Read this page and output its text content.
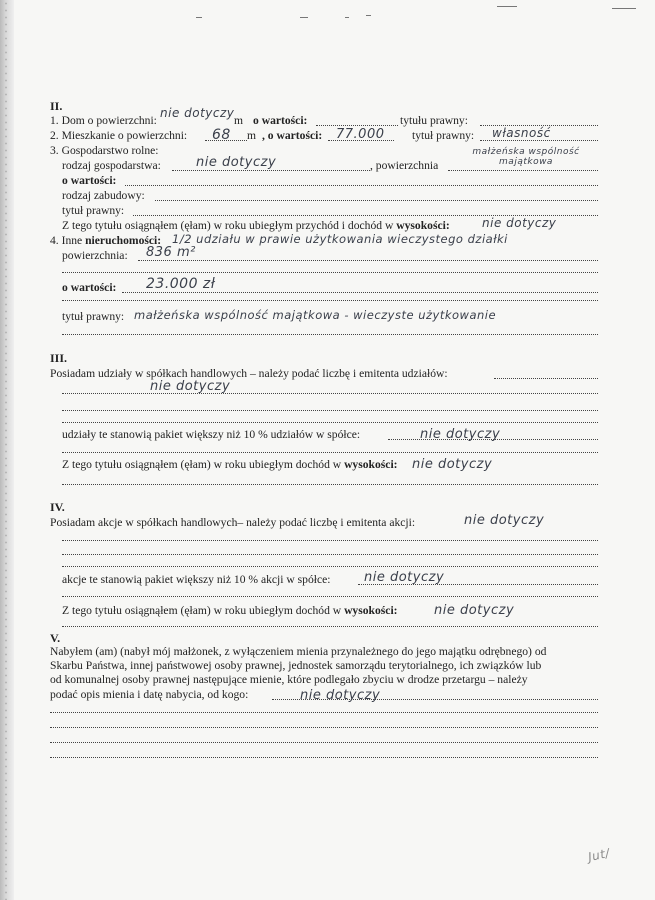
II.
1. Dom o powierzchni:
nie dotyczy
m o wartości:	tytułu prawny:
2. Mieszkanie o powierzchni: 68 m , o wartości: 77.000 tytuł prawny: własność
3. Gospodarstwo rolne:	małżeńska wspólność majątkowa
rodzaj gospodarstwa:	nie dotyczy	, powierzchnia
o wartości:
rodzaj zabudowy:
tytuł prawny:
Z tego tytułu osiągnąłem (ęłam) w roku ubiegłym przychód i dochód w wysokości:	nie dotyczy
4. Inne nieruchomości: 1/2 udziału w prawie użytkowania wieczystego działki
powierzchnia: 836 m²
o wartości: 23.000 zł
tytuł prawny: małżeńska wspólność majątkowa - wieczyste użytkowanie
III.
Posiadam udziały w spółkach handlowych – należy podać liczbę i emitenta udziałów:
nie dotyczy
udziały te stanowią pakiet większy niż 10 % udziałów w spółce:	nie dotyczy
Z tego tytułu osiągnąłem (ęłam) w roku ubiegłym dochód w wysokości: nie dotyczy
IV.
Posiadam akcje w spółkach handlowych– należy podać liczbę i emitenta akcji:	nie dotyczy
akcje te stanowią pakiet większy niż 10 % akcji w spółce:	nie dotyczy
Z tego tytułu osiągnąłem (ęłam) w roku ubiegłym dochód w wysokości:	nie dotyczy
V.
Nabyłem (am) (nabył mój małżonek, z wyłączeniem mienia przynależnego do jego majątku odrębnego) od
Skarbu Państwa, innej państwowej osoby prawnej, jednostek samorządu terytorialnego, ich związków lub
od komunalnej osoby prawnej następujące mienie, które podlegało zbyciu w drodze przetargu – należy
podać opis mienia i datę nabycia, od kogo:	nie dotyczy
Jut/
